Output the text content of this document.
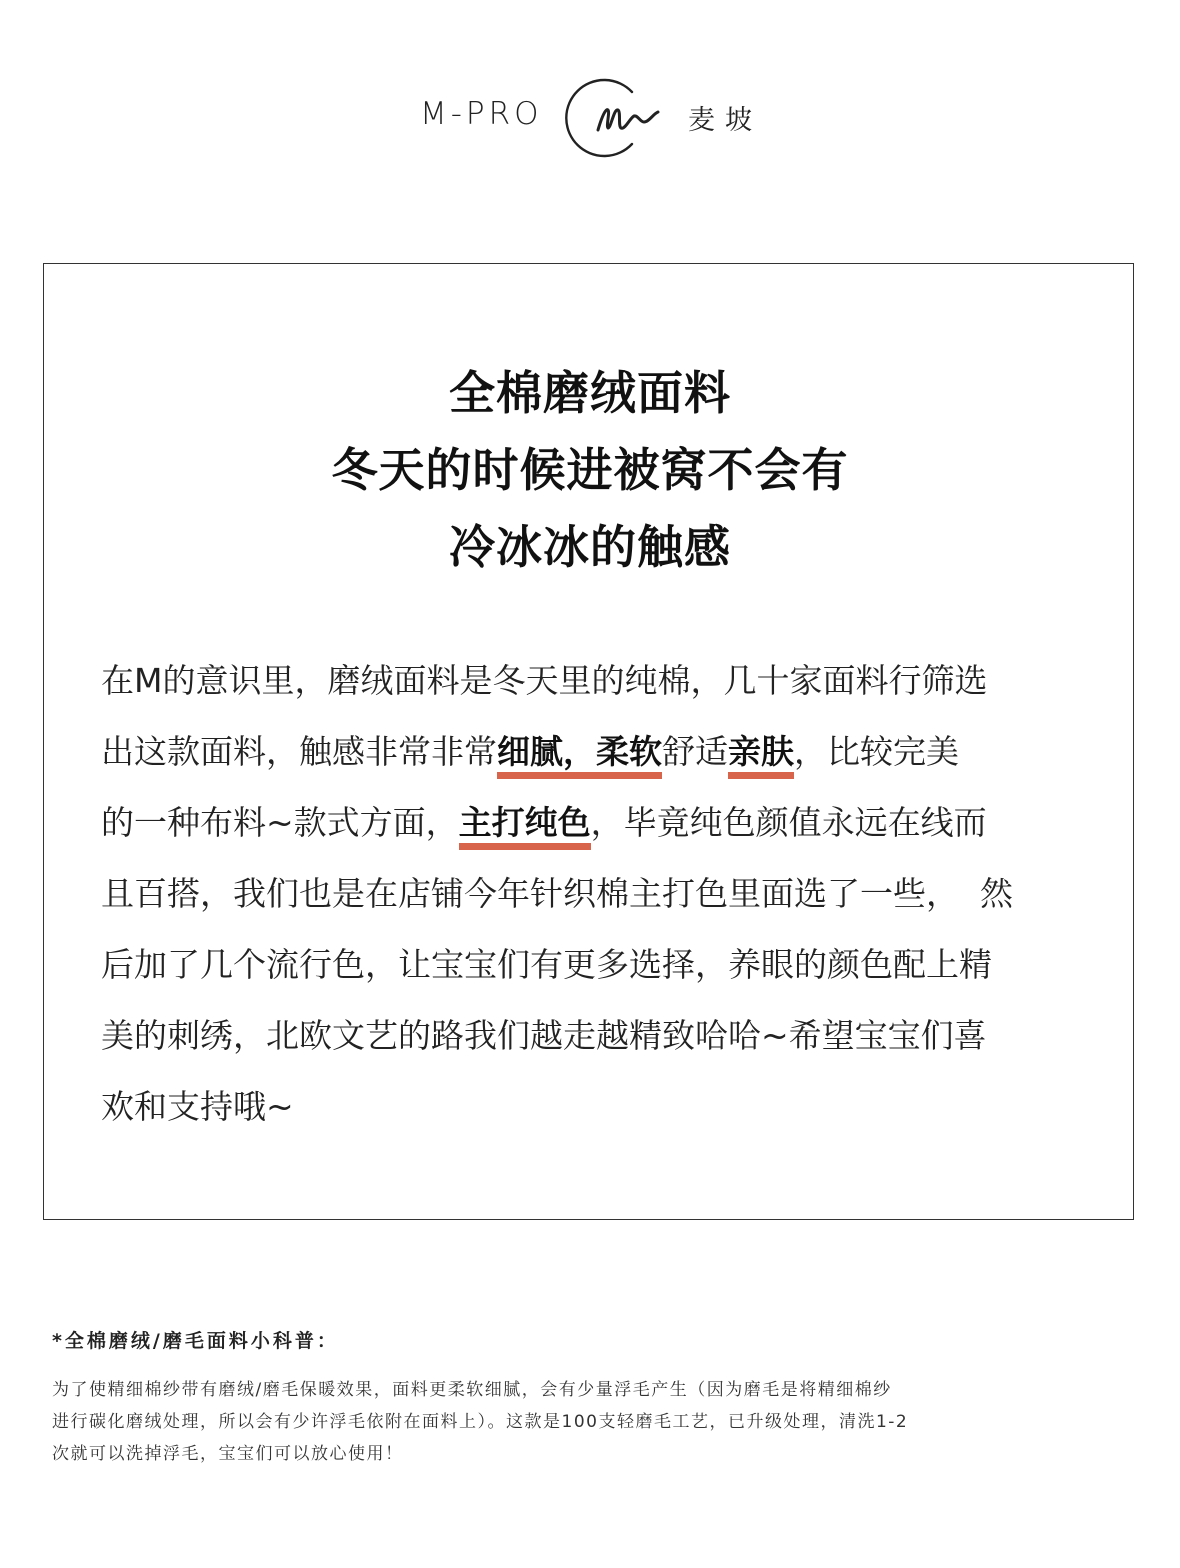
M-PRO	麦坡
全棉磨绒面料
冬天的时候进被窝不会有
冷冰冰的触感
在M的意识里，磨绒面料是冬天里的纯棉，几十家面料行筛选
出这款面料，触感非常非常 细腻，柔软 舒适 亲肤 ，比较完美
的一种布料~款式方面， 主打纯色 ，毕竟纯色颜值永远在线而
且百搭，我们也是在店铺今年针织棉主打色里面选了一些，  然
后加了几个流行色，让宝宝们有更多选择，养眼的颜色配上精
美的刺绣，北欧文艺的路我们越走越精致哈哈~希望宝宝们喜
欢和支持哦~
*全棉磨绒/磨毛面料小科普：
为了使精细棉纱带有磨绒/磨毛保暖效果，面料更柔软细腻，会有少量浮毛产生（因为磨毛是将精细棉纱
进行碳化磨绒处理，所以会有少许浮毛依附在面料上）。这款是100支轻磨毛工艺，已升级处理，清洗1-2
次就可以洗掉浮毛，宝宝们可以放心使用！
